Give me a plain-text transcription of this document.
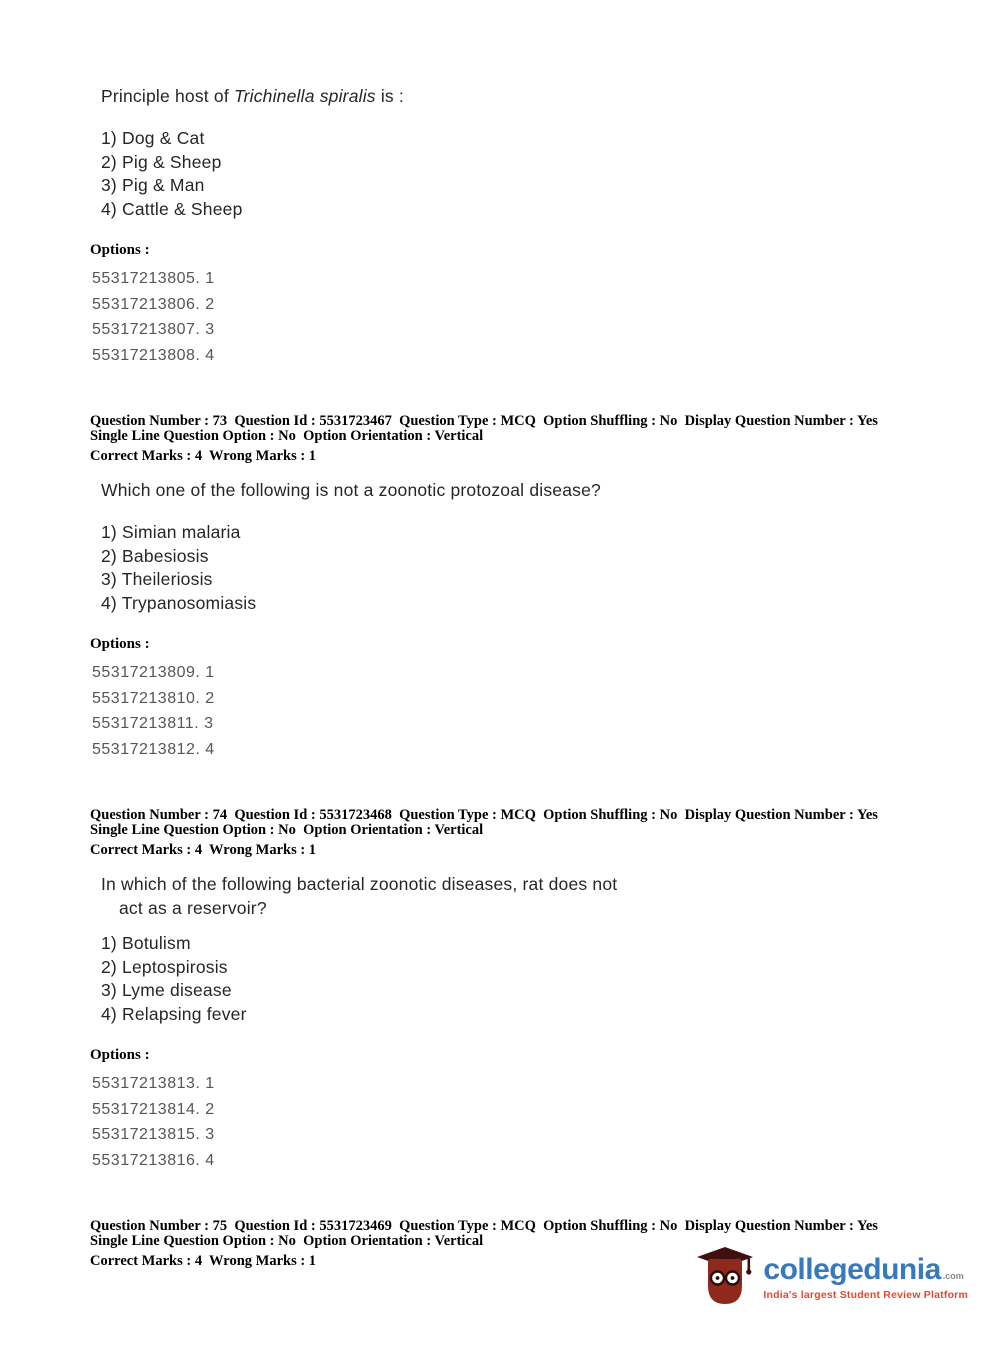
Principle host of Trichinella spiralis is :

1) Dog & Cat
2) Pig & Sheep
3) Pig & Man
4) Cattle & Sheep
Options :
55317213805. 1
55317213806. 2
55317213807. 3
55317213808. 4
Question Number : 73  Question Id : 5531723467  Question Type : MCQ  Option Shuffling : No  Display Question Number : Yes
Single Line Question Option : No  Option Orientation : Vertical
Correct Marks : 4  Wrong Marks : 1

Which one of the following is not a zoonotic protozoal disease?

1) Simian malaria
2) Babesiosis
3) Theileriosis
4) Trypanosomiasis
Options :
55317213809. 1
55317213810. 2
55317213811. 3
55317213812. 4
Question Number : 74  Question Id : 5531723468  Question Type : MCQ  Option Shuffling : No  Display Question Number : Yes
Single Line Question Option : No  Option Orientation : Vertical
Correct Marks : 4  Wrong Marks : 1

In which of the following bacterial zoonotic diseases, rat does not
act as a reservoir?

1) Botulism
2) Leptospirosis
3) Lyme disease
4) Relapsing fever
Options :
55317213813. 1
55317213814. 2
55317213815. 3
55317213816. 4
Question Number : 75  Question Id : 5531723469  Question Type : MCQ  Option Shuffling : No  Display Question Number : Yes
Single Line Question Option : No  Option Orientation : Vertical
Correct Marks : 4  Wrong Marks : 1	collegedunia .com
India's largest Student Review Platform
